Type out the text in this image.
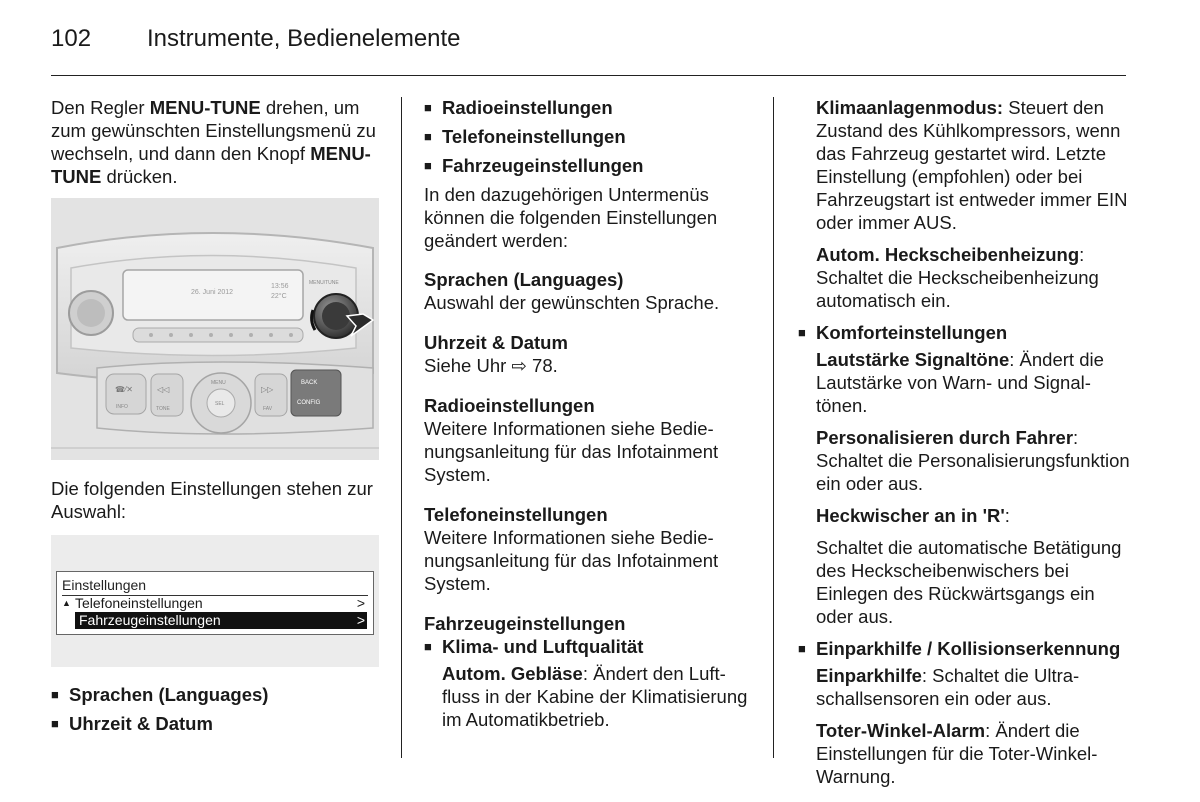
102 Instrumente, Bedienelemente

Den Regler MENU-TUNE drehen, um zum gewünschten Einstellungsmenü zu wechseln, und dann den Knopf MENU-TUNE drücken.

26. Juni 2012
13:56
22°C
MENU/TUNE
☎⁄✕
INFO
◁◁
TONE
SEL
MENU
▷▷
FAV
BACK
CONFIG

Die folgenden Einstellungen stehen zur Auswahl:

Einstellungen
▲ Telefoneinstellungen	>
Fahrzeugeinstellungen	>
■ Sprachen (Languages)
■ Uhrzeit & Datum
■ Radioeinstellungen
■ Telefoneinstellungen
■ Fahrzeugeinstellungen

In den dazugehörigen Untermenüs können die folgenden Einstellungen geändert werden:

Sprachen (Languages)
Auswahl der gewünschten Sprache.
Uhrzeit & Datum
Siehe Uhr ⇨ 78.
Radioeinstellungen
Weitere Informationen siehe Bedienungsanleitung für das Infotainment System.
Telefoneinstellungen
Weitere Informationen siehe Bedienungsanleitung für das Infotainment System.
Fahrzeugeinstellungen
■ Klima- und Luftqualität
Autom. Gebläse: Ändert den Luftfluss in der Kabine der Klimatisierung im Automatikbetrieb.
Klimaanlagenmodus: Steuert den Zustand des Kühlkompressors, wenn das Fahrzeug gestartet wird. Letzte Einstellung (empfohlen) oder bei Fahrzeugstart ist entweder immer EIN oder immer AUS.
Autom. Heckscheibenheizung: Schaltet die Heckscheibenheizung automatisch ein.
■ Komforteinstellungen
Lautstärke Signaltöne: Ändert die Lautstärke von Warn- und Signaltönen.
Personalisieren durch Fahrer: Schaltet die Personalisierungsfunktion ein oder aus.
Heckwischer an in 'R':
Schaltet die automatische Betätigung des Heckscheibenwischers bei Einlegen des Rückwärtsgangs ein oder aus.
■ Einparkhilfe / Kollisionserkennung
Einparkhilfe: Schaltet die Ultraschallsensoren ein oder aus.
Toter-Winkel-Alarm: Ändert die Einstellungen für die Toter-Winkel-Warnung.
